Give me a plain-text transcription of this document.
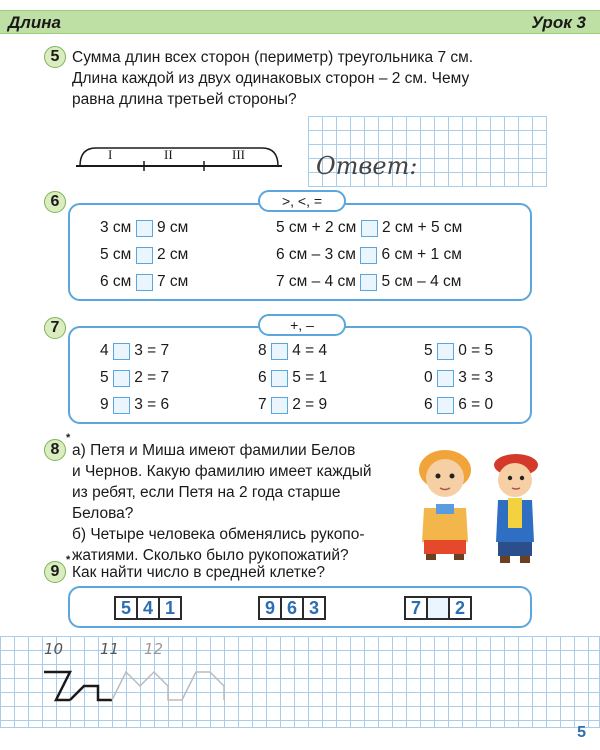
Длина	Урок 3
5 Сумма длин всех сторон (периметр) треугольника 7 см.
Длина каждой из двух одинаковых сторон – 2 см. Чему
равна длина третьей стороны?
I	II	III	Ответ:
6	>, <, =
3 см 9 см	5 см + 2 см 2 см + 5 см
5 см 2 см	6 см – 3 см 6 см + 1 см
6 см 7 см	7 см – 4 см 5 см – 4 см
7	+, –
4 3 = 7	8 4 = 4	5 0 = 5
5 2 = 7	6 5 = 1	0 3 = 3
9 3 = 6	7 2 = 9	6 6 = 0
8
*
а) Петя и Миша имеют фамилии Белов
и Чернов. Какую фамилию имеет каждый
из ребят, если Петя на 2 года старше
Белова?
б) Четыре человека обменялись рукопо-
жатиями. Сколько было рукопожатий?
9
*
Как найти число в средней клетке?
5 4 1	9 6 3	7	2
10 11 12
5
